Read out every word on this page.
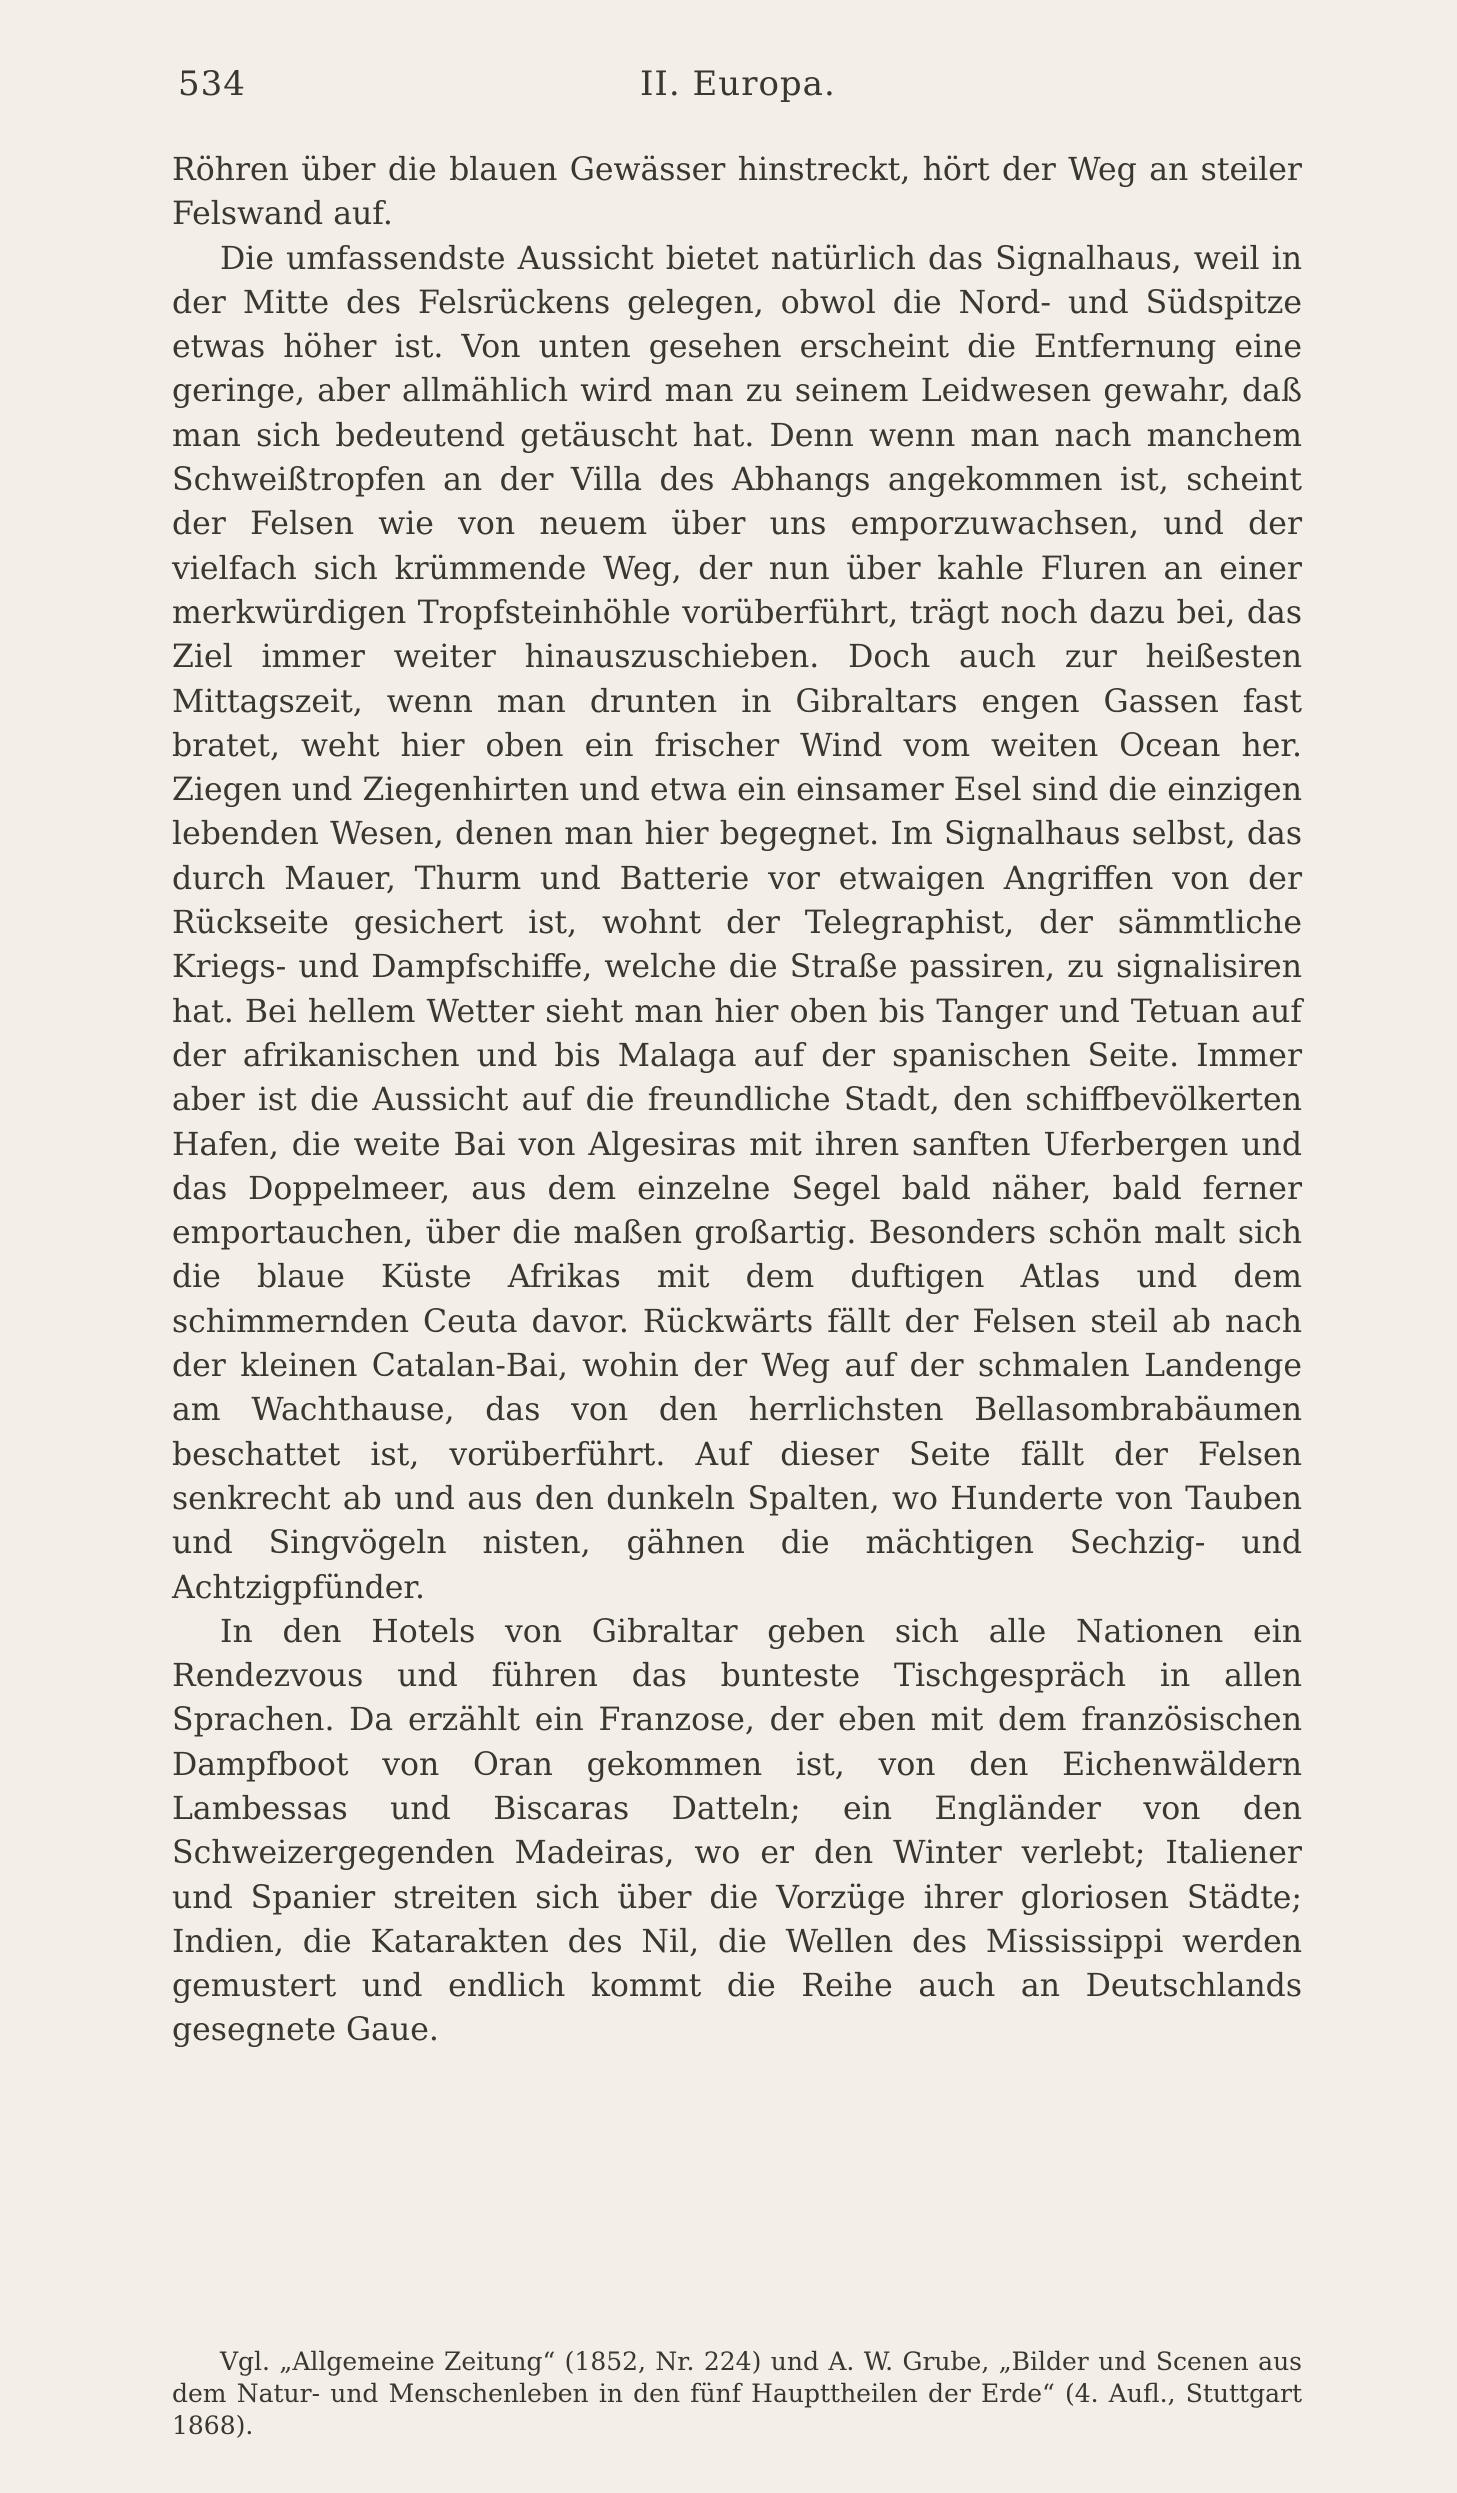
534	II. Europa.

Röhren über die blauen Gewässer hinstreckt, hört der Weg an steiler Felswand auf.

Die umfassendste Aussicht bietet natürlich das Signalhaus, weil in der Mitte des Felsrückens gelegen, obwol die Nord- und Südspitze etwas höher ist. Von unten gesehen erscheint die Entfernung eine geringe, aber allmählich wird man zu seinem Leidwesen gewahr, daß man sich bedeutend getäuscht hat. Denn wenn man nach manchem Schweißtropfen an der Villa des Abhangs angekommen ist, scheint der Felsen wie von neuem über uns emporzuwachsen, und der vielfach sich krümmende Weg, der nun über kahle Fluren an einer merkwürdigen Tropfsteinhöhle vorüberführt, trägt noch dazu bei, das Ziel immer weiter hinauszuschieben. Doch auch zur heißesten Mittagszeit, wenn man drunten in Gibraltars engen Gassen fast bratet, weht hier oben ein frischer Wind vom weiten Ocean her. Ziegen und Ziegenhirten und etwa ein einsamer Esel sind die einzigen lebenden Wesen, denen man hier begegnet. Im Signalhaus selbst, das durch Mauer, Thurm und Batterie vor etwaigen Angriffen von der Rückseite gesichert ist, wohnt der Telegraphist, der sämmtliche Kriegs- und Dampfschiffe, welche die Straße passiren, zu signalisiren hat. Bei hellem Wetter sieht man hier oben bis Tanger und Tetuan auf der afrikanischen und bis Malaga auf der spanischen Seite. Immer aber ist die Aussicht auf die freundliche Stadt, den schiffbevölkerten Hafen, die weite Bai von Algesiras mit ihren sanften Uferbergen und das Doppelmeer, aus dem einzelne Segel bald näher, bald ferner emportauchen, über die maßen großartig. Besonders schön malt sich die blaue Küste Afrikas mit dem duftigen Atlas und dem schimmernden Ceuta davor. Rückwärts fällt der Felsen steil ab nach der kleinen Catalan-Bai, wohin der Weg auf der schmalen Landenge am Wachthause, das von den herrlichsten Bellasombrabäumen beschattet ist, vorüberführt. Auf dieser Seite fällt der Felsen senkrecht ab und aus den dunkeln Spalten, wo Hunderte von Tauben und Singvögeln nisten, gähnen die mächtigen Sechzig- und Achtzigpfünder.

In den Hotels von Gibraltar geben sich alle Nationen ein Rendezvous und führen das bunteste Tischgespräch in allen Sprachen. Da erzählt ein Franzose, der eben mit dem französischen Dampfboot von Oran gekommen ist, von den Eichenwäldern Lambessas und Biscaras Datteln; ein Engländer von den Schweizergegenden Madeiras, wo er den Winter verlebt; Italiener und Spanier streiten sich über die Vorzüge ihrer gloriosen Städte; Indien, die Katarakten des Nil, die Wellen des Mississippi werden gemustert und endlich kommt die Reihe auch an Deutschlands gesegnete Gaue.

Vgl. „Allgemeine Zeitung“ (1852, Nr. 224) und A. W. Grube, „Bilder und Scenen aus dem Natur- und Menschenleben in den fünf Haupttheilen der Erde“ (4. Aufl., Stuttgart 1868).
